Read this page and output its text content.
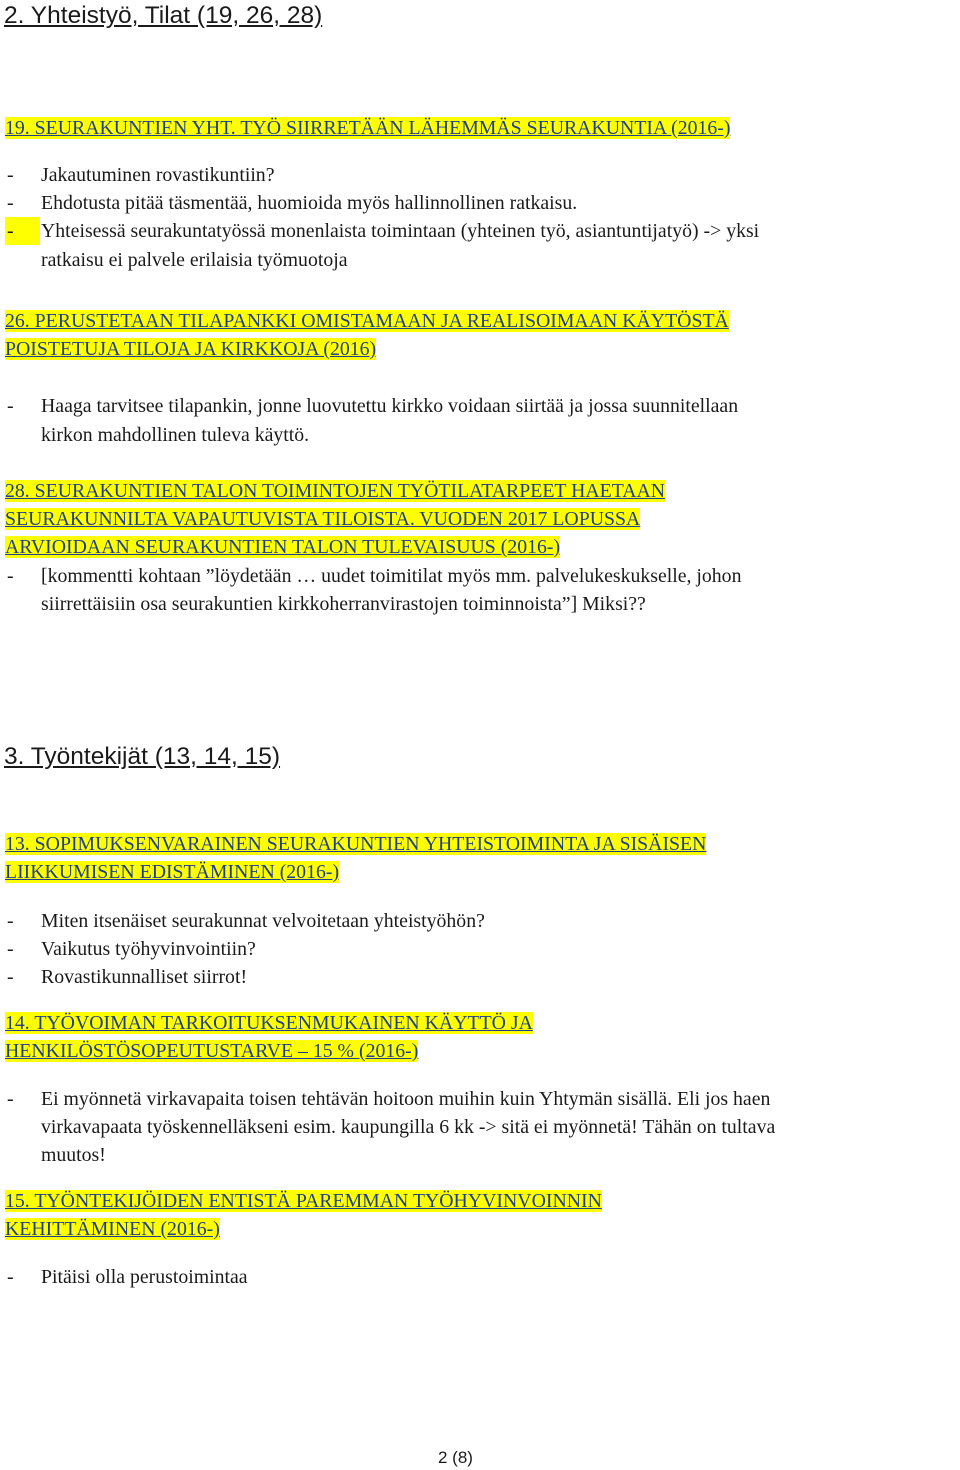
2. Yhteistyö, Tilat (19, 26, 28)
19. SEURAKUNTIEN YHT. TYÖ SIIRRETÄÄN LÄHEMMÄS SEURAKUNTIA (2016-)
- Jakautuminen rovastikuntiin?
- Ehdotusta pitää täsmentää, huomioida myös hallinnollinen ratkaisu.
-	Yhteisessä seurakuntatyössä monenlaista toimintaan (yhteinen työ, asiantuntijatyö) -> yksi
ratkaisu ei palvele erilaisia työmuotoja
26. PERUSTETAAN TILAPANKKI OMISTAMAAN JA REALISOIMAAN KÄYTÖSTÄ
POISTETUJA TILOJA JA KIRKKOJA (2016)
- Haaga tarvitsee tilapankin, jonne luovutettu kirkko voidaan siirtää ja jossa suunnitellaan
kirkon mahdollinen tuleva käyttö.
28. SEURAKUNTIEN TALON TOIMINTOJEN TYÖTILATARPEET HAETAAN
SEURAKUNNILTA VAPAUTUVISTA TILOISTA. VUODEN 2017 LOPUSSA
ARVIOIDAAN SEURAKUNTIEN TALON TULEVAISUUS (2016-)
- [kommentti kohtaan ”löydetään … uudet toimitilat myös mm. palvelukeskukselle, johon
siirrettäisiin osa seurakuntien kirkkoherranvirastojen toiminnoista”] Miksi??
3. Työntekijät (13, 14, 15)
13. SOPIMUKSENVARAINEN SEURAKUNTIEN YHTEISTOIMINTA JA SISÄISEN
LIIKKUMISEN EDISTÄMINEN (2016-)
- Miten itsenäiset seurakunnat velvoitetaan yhteistyöhön?
- Vaikutus työhyvinvointiin?
- Rovastikunnalliset siirrot!
14. TYÖVOIMAN TARKOITUKSENMUKAINEN KÄYTTÖ JA
HENKILÖSTÖSOPEUTUSTARVE – 15 % (2016-)
- Ei myönnetä virkavapaita toisen tehtävän hoitoon muihin kuin Yhtymän sisällä. Eli jos haen
virkavapaata työskennelläkseni esim. kaupungilla 6 kk -> sitä ei myönnetä! Tähän on tultava
muutos!
15. TYÖNTEKIJÖIDEN ENTISTÄ PAREMMAN TYÖHYVINVOINNIN
KEHITTÄMINEN (2016-)
- Pitäisi olla perustoimintaa
2 (8)
